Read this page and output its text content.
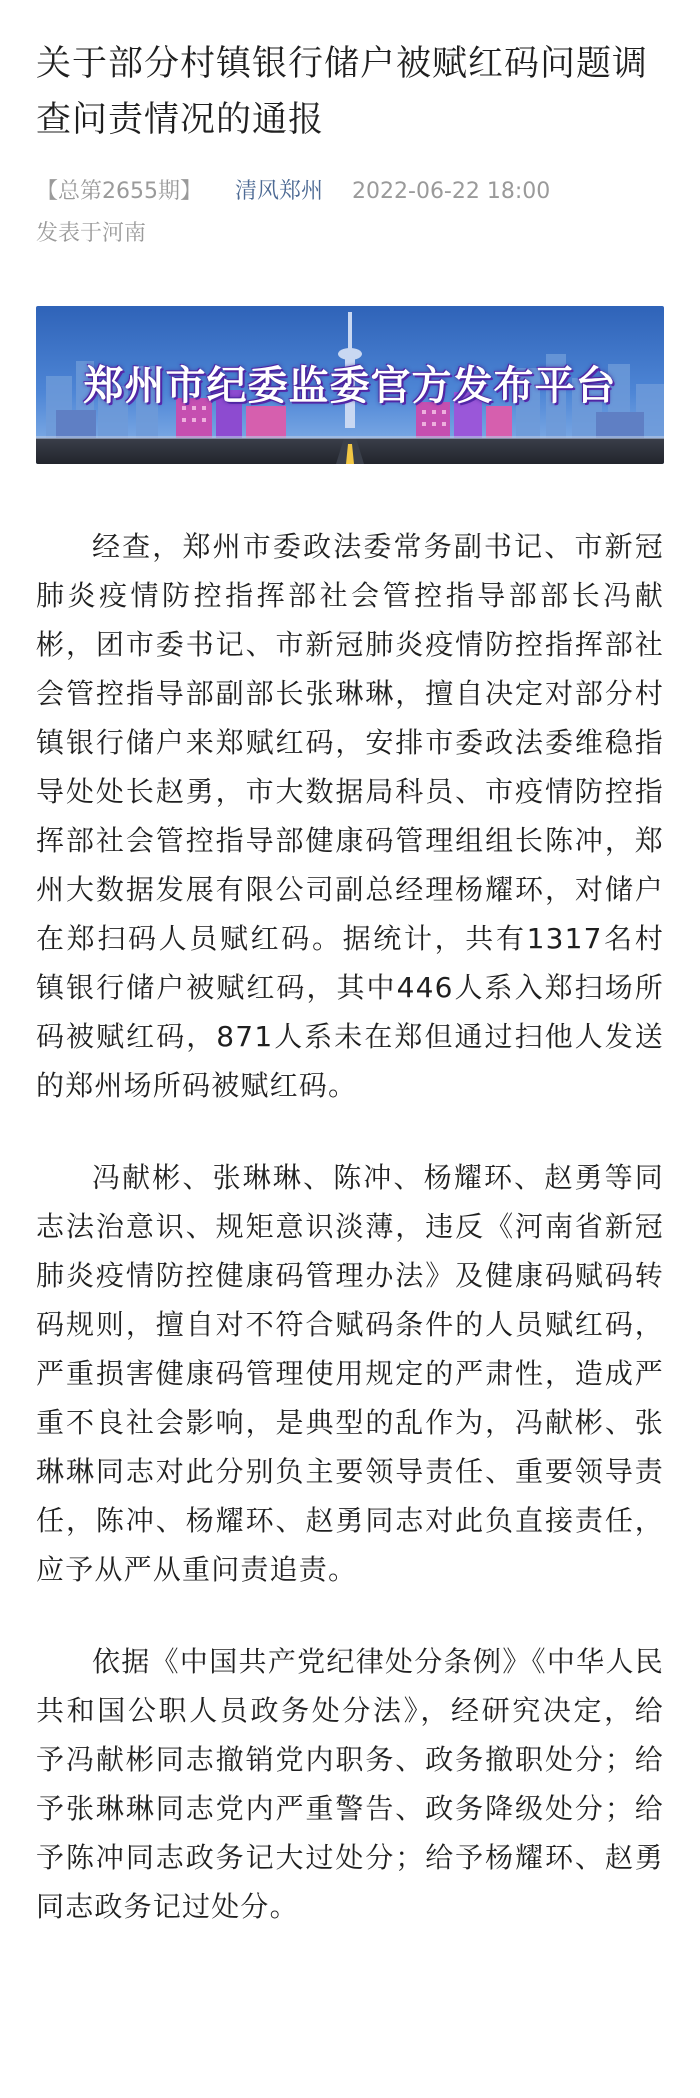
关于部分村镇银行储户被赋红码问题调查问责情况的通报
【总第2655期】 清风郑州 2022-06-22 18:00
发表于河南
郑州市纪委监委官方发布平台

经查，郑州市委政法委常务副书记、市新冠肺炎疫情防控指挥部社会管控指导部部长冯献彬，团市委书记、市新冠肺炎疫情防控指挥部社会管控指导部副部长张琳琳，擅自决定对部分村镇银行储户来郑赋红码，安排市委政法委维稳指导处处长赵勇，市大数据局科员、市疫情防控指挥部社会管控指导部健康码管理组组长陈冲，郑州大数据发展有限公司副总经理杨耀环，对储户在郑扫码人员赋红码。据统计，共有1317名村镇银行储户被赋红码，其中446人系入郑扫场所码被赋红码，871人系未在郑但通过扫他人发送的郑州场所码被赋红码。

冯献彬、张琳琳、陈冲、杨耀环、赵勇等同志法治意识、规矩意识淡薄，违反《河南省新冠肺炎疫情防控健康码管理办法》及健康码赋码转码规则，擅自对不符合赋码条件的人员赋红码，严重损害健康码管理使用规定的严肃性，造成严重不良社会影响，是典型的乱作为，冯献彬、张琳琳同志对此分别负主要领导责任、重要领导责任，陈冲、杨耀环、赵勇同志对此负直接责任，应予从严从重问责追责。

依据《中国共产党纪律处分条例》《中华人民共和国公职人员政务处分法》，经研究决定，给予冯献彬同志撤销党内职务、政务撤职处分；给予张琳琳同志党内严重警告、政务降级处分；给予陈冲同志政务记大过处分；给予杨耀环、赵勇同志政务记过处分。
